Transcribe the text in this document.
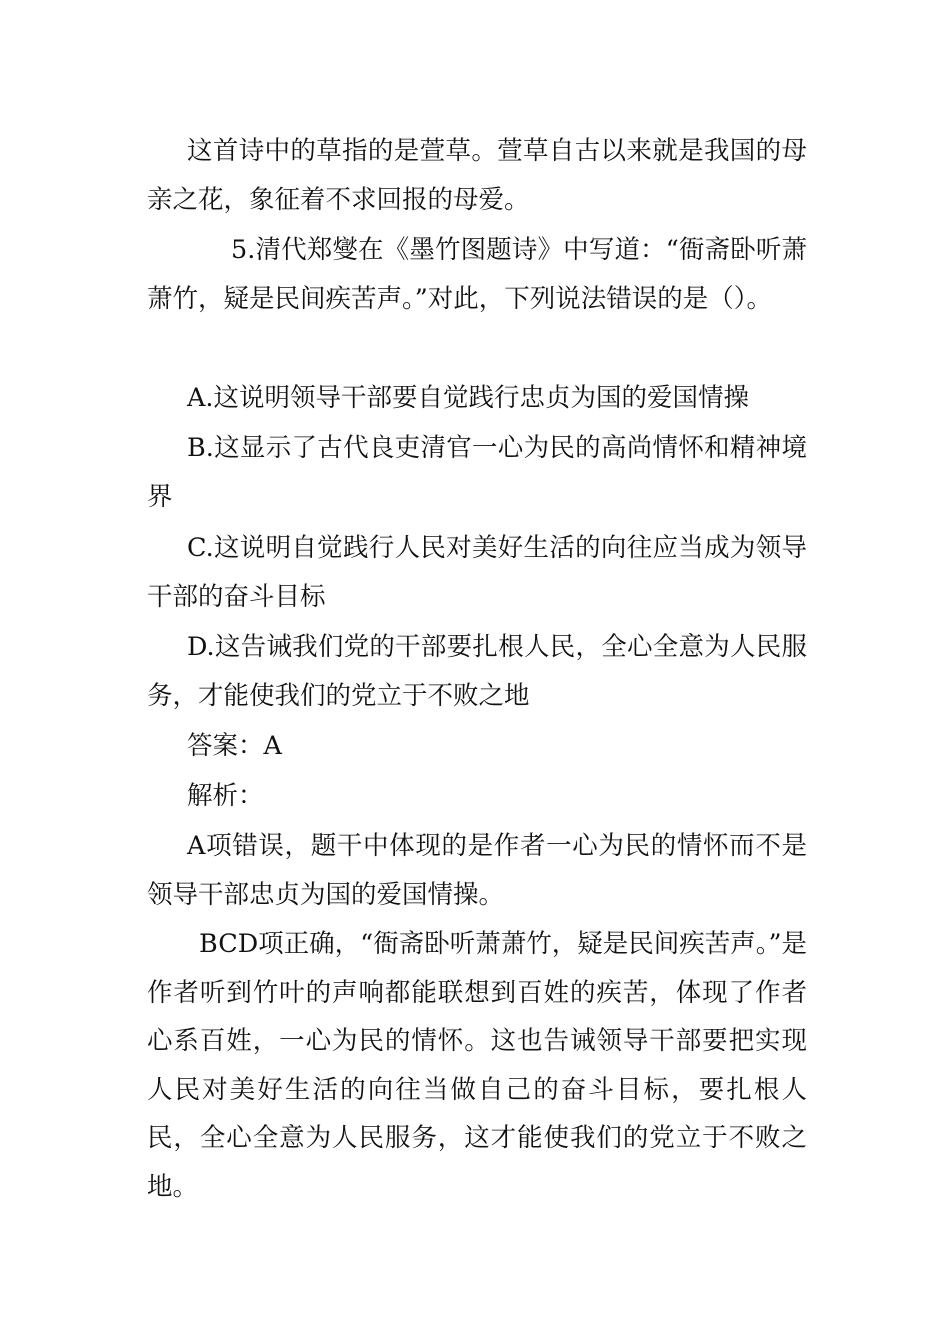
这首诗中的草指的是萱草。萱草自古以来就是我国的母亲之花，象征着不求回报的母爱。

5.清代郑燮在《墨竹图题诗》中写道：“衙斋卧听萧萧竹，疑是民间疾苦声。”对此，下列说法错误的是（）。

A.这说明领导干部要自觉践行忠贞为国的爱国情操

B.这显示了古代良吏清官一心为民的高尚情怀和精神境界

C.这说明自觉践行人民对美好生活的向往应当成为领导干部的奋斗目标

D.这告诫我们党的干部要扎根人民，全心全意为人民服务，才能使我们的党立于不败之地

答案：A

解析：

A项错误，题干中体现的是作者一心为民的情怀而不是领导干部忠贞为国的爱国情操。

BCD项正确，“衙斋卧听萧萧竹，疑是民间疾苦声。”是作者听到竹叶的声响都能联想到百姓的疾苦，体现了作者心系百姓，一心为民的情怀。这也告诫领导干部要把实现人民对美好生活的向往当做自己的奋斗目标，要扎根人民，全心全意为人民服务，这才能使我们的党立于不败之地。
